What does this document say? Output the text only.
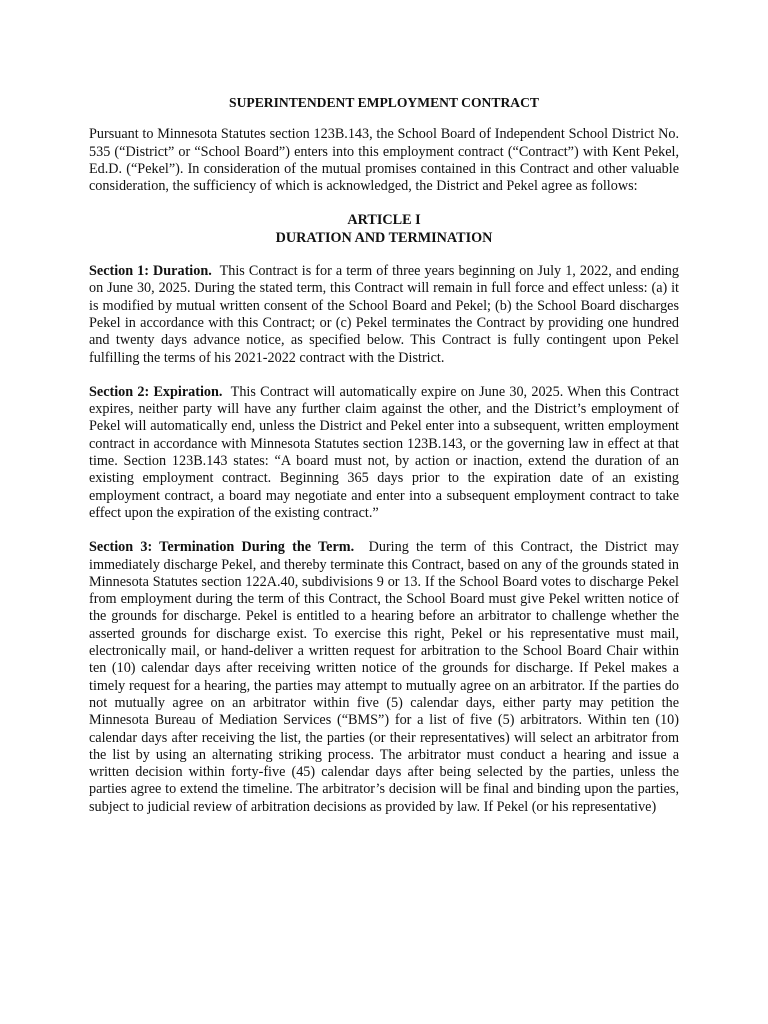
SUPERINTENDENT EMPLOYMENT CONTRACT
Pursuant to Minnesota Statutes section 123B.143, the School Board of Independent School District No. 535 (“District” or “School Board”) enters into this employment contract (“Contract”) with Kent Pekel, Ed.D. (“Pekel”). In consideration of the mutual promises contained in this Contract and other valuable consideration, the sufficiency of which is acknowledged, the District and Pekel agree as follows:
ARTICLE I
DURATION AND TERMINATION
Section 1: Duration. This Contract is for a term of three years beginning on July 1, 2022, and ending on June 30, 2025. During the stated term, this Contract will remain in full force and effect unless: (a) it is modified by mutual written consent of the School Board and Pekel; (b) the School Board discharges Pekel in accordance with this Contract; or (c) Pekel terminates the Contract by providing one hundred and twenty days advance notice, as specified below. This Contract is fully contingent upon Pekel fulfilling the terms of his 2021-2022 contract with the District.
Section 2: Expiration. This Contract will automatically expire on June 30, 2025. When this Contract expires, neither party will have any further claim against the other, and the District’s employment of Pekel will automatically end, unless the District and Pekel enter into a subsequent, written employment contract in accordance with Minnesota Statutes section 123B.143, or the governing law in effect at that time. Section 123B.143 states: “A board must not, by action or inaction, extend the duration of an existing employment contract. Beginning 365 days prior to the expiration date of an existing employment contract, a board may negotiate and enter into a subsequent employment contract to take effect upon the expiration of the existing contract.”
Section 3: Termination During the Term. During the term of this Contract, the District may immediately discharge Pekel, and thereby terminate this Contract, based on any of the grounds stated in Minnesota Statutes section 122A.40, subdivisions 9 or 13. If the School Board votes to discharge Pekel from employment during the term of this Contract, the School Board must give Pekel written notice of the grounds for discharge. Pekel is entitled to a hearing before an arbitrator to challenge whether the asserted grounds for discharge exist. To exercise this right, Pekel or his representative must mail, electronically mail, or hand-deliver a written request for arbitration to the School Board Chair within ten (10) calendar days after receiving written notice of the grounds for discharge. If Pekel makes a timely request for a hearing, the parties may attempt to mutually agree on an arbitrator. If the parties do not mutually agree on an arbitrator within five (5) calendar days, either party may petition the Minnesota Bureau of Mediation Services (“BMS”) for a list of five (5) arbitrators. Within ten (10) calendar days after receiving the list, the parties (or their representatives) will select an arbitrator from the list by using an alternating striking process. The arbitrator must conduct a hearing and issue a written decision within forty-five (45) calendar days after being selected by the parties, unless the parties agree to extend the timeline. The arbitrator’s decision will be final and binding upon the parties, subject to judicial review of arbitration decisions as provided by law. If Pekel (or his representative)
